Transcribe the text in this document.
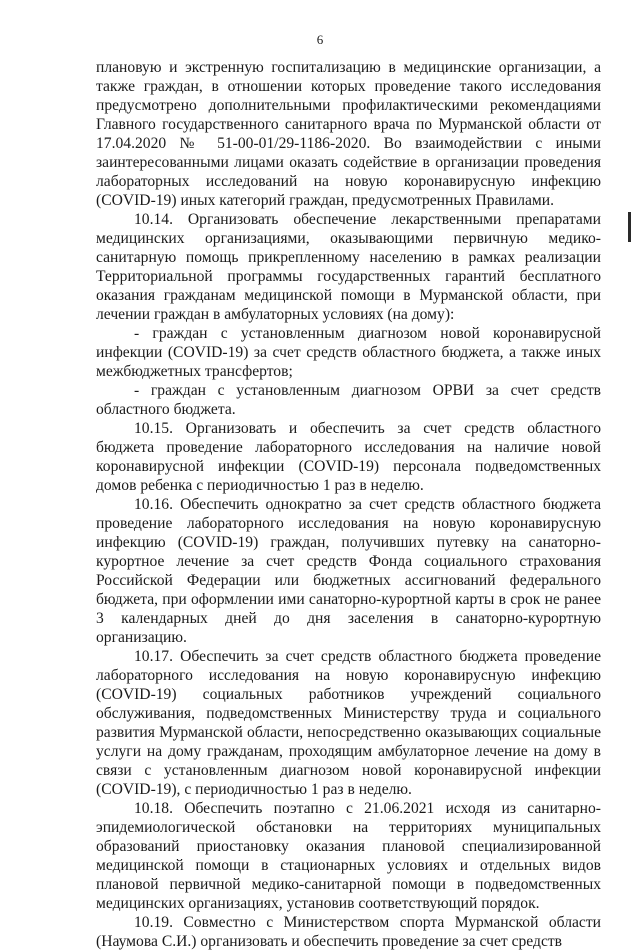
6

плановую и экстренную госпитализацию в медицинские организации, а также граждан, в отношении которых проведение такого исследования предусмотрено дополнительными профилактическими рекомендациями Главного государственного санитарного врача по Мурманской области от 17.04.2020 № 51-00-01/29-1186-2020. Во взаимодействии с иными заинтересованными лицами оказать содействие в организации проведения лабораторных исследований на новую коронавирусную инфекцию (COVID-19) иных категорий граждан, предусмотренных Правилами.

10.14. Организовать обеспечение лекарственными препаратами медицинских организациями, оказывающими первичную медико-санитарную помощь прикрепленному населению в рамках реализации Территориальной программы государственных гарантий бесплатного оказания гражданам медицинской помощи в Мурманской области, при лечении граждан в амбулаторных условиях (на дому):

- граждан с установленным диагнозом новой коронавирусной инфекции (COVID-19) за счет средств областного бюджета, а также иных межбюджетных трансфертов;

- граждан с установленным диагнозом ОРВИ за счет средств областного бюджета.

10.15. Организовать и обеспечить за счет средств областного бюджета проведение лабораторного исследования на наличие новой коронавирусной инфекции (COVID-19) персонала подведомственных домов ребенка с периодичностью 1 раз в неделю.

10.16. Обеспечить однократно за счет средств областного бюджета проведение лабораторного исследования на новую коронавирусную инфекцию (COVID-19) граждан, получивших путевку на санаторно-курортное лечение за счет средств Фонда социального страхования Российской Федерации или бюджетных ассигнований федерального бюджета, при оформлении ими санаторно-курортной карты в срок не ранее 3 календарных дней до дня заселения в санаторно-курортную организацию.

10.17. Обеспечить за счет средств областного бюджета проведение лабораторного исследования на новую коронавирусную инфекцию (COVID-19) социальных работников учреждений социального обслуживания, подведомственных Министерству труда и социального развития Мурманской области, непосредственно оказывающих социальные услуги на дому гражданам, проходящим амбулаторное лечение на дому в связи с установленным диагнозом новой коронавирусной инфекции (COVID-19), с периодичностью 1 раз в неделю.

10.18. Обеспечить поэтапно с 21.06.2021 исходя из санитарно-эпидемиологической обстановки на территориях муниципальных образований приостановку оказания плановой специализированной медицинской помощи в стационарных условиях и отдельных видов плановой первичной медико-санитарной помощи в подведомственных медицинских организациях, установив соответствующий порядок.

10.19. Совместно с Министерством спорта Мурманской области (Наумова С.И.) организовать и обеспечить проведение за счет средств
